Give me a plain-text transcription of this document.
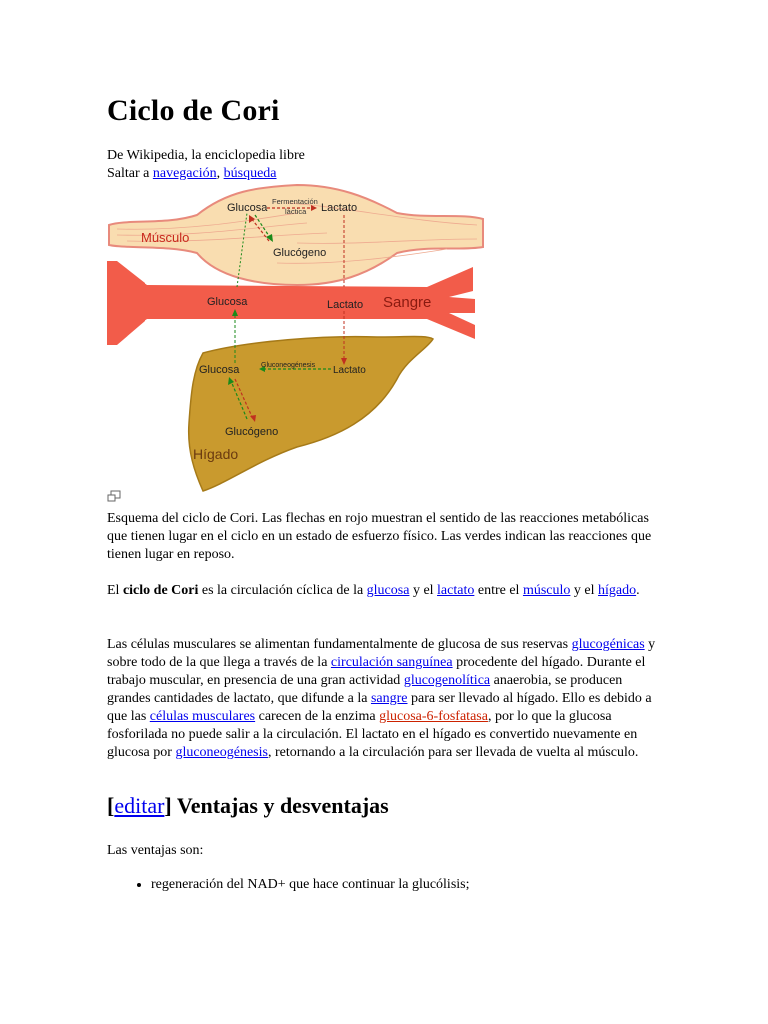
Ciclo de Cori

De Wikipedia, la enciclopedia libre

Saltar a navegación, búsqueda

Glucosa
Fermentación
láctica Lactato
Músculo
Glucógeno
Glucosa	Lactato Sangre
Glucosa	Gluconeogénesis Lactato
Glucógeno
Hígado

Esquema del ciclo de Cori. Las flechas en rojo muestran el sentido de las reacciones metabólicas que tienen lugar en el ciclo en un estado de esfuerzo físico. Las verdes indican las reacciones que tienen lugar en reposo.

El ciclo de Cori es la circulación cíclica de la glucosa y el lactato entre el músculo y el hígado.

Las células musculares se alimentan fundamentalmente de glucosa de sus reservas glucogénicas y sobre todo de la que llega a través de la circulación sanguínea procedente del hígado. Durante el trabajo muscular, en presencia de una gran actividad glucogenolítica anaerobia, se producen grandes cantidades de lactato, que difunde a la sangre para ser llevado al hígado. Ello es debido a que las células musculares carecen de la enzima glucosa-6-fosfatasa, por lo que la glucosa fosforilada no puede salir a la circulación. El lactato en el hígado es convertido nuevamente en glucosa por gluconeogénesis, retornando a la circulación para ser llevada de vuelta al músculo.

[editar] Ventajas y desventajas

Las ventajas son:

• regeneración del NAD+ que hace continuar la glucólisis;
